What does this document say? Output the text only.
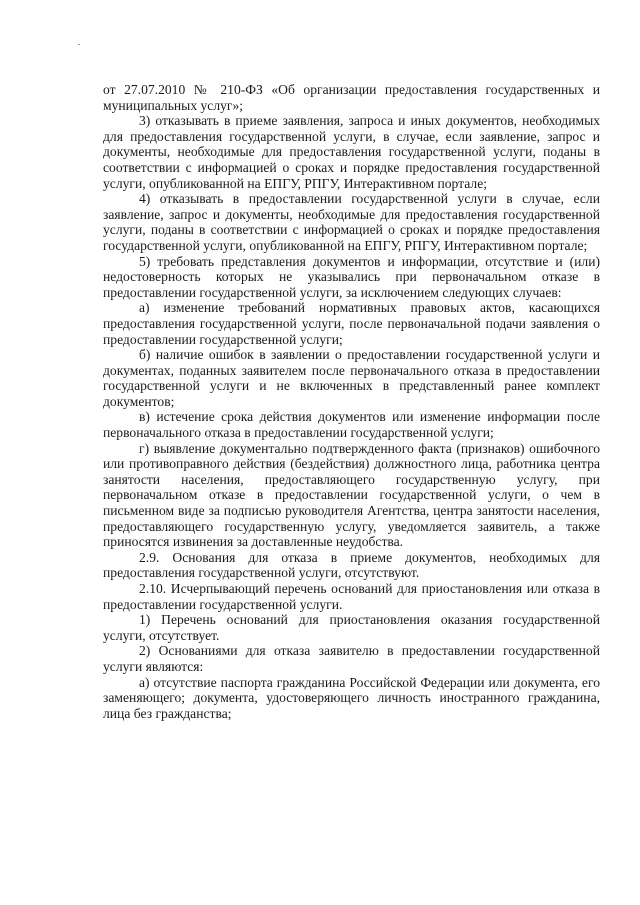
от 27.07.2010 № 210-ФЗ «Об организации предоставления государственных и муниципальных услуг»;

3) отказывать в приеме заявления, запроса и иных документов, необходимых для предоставления государственной услуги, в случае, если заявление, запрос и документы, необходимые для предоставления государственной услуги, поданы в соответствии с информацией о сроках и порядке предоставления государственной услуги, опубликованной на ЕПГУ, РПГУ, Интерактивном портале;

4) отказывать в предоставлении государственной услуги в случае, если заявление, запрос и документы, необходимые для предоставления государственной услуги, поданы в соответствии с информацией о сроках и порядке предоставления государственной услуги, опубликованной на ЕПГУ, РПГУ, Интерактивном портале;

5) требовать представления документов и информации, отсутствие и (или) недостоверность которых не указывались при первоначальном отказе в предоставлении государственной услуги, за исключением следующих случаев:

а) изменение требований нормативных правовых актов, касающихся предоставления государственной услуги, после первоначальной подачи заявления о предоставлении государственной услуги;

б) наличие ошибок в заявлении о предоставлении государственной услуги и документах, поданных заявителем после первоначального отказа в предоставлении государственной услуги и не включенных в представленный ранее комплект документов;

в) истечение срока действия документов или изменение информации после первоначального отказа в предоставлении государственной услуги;

г) выявление документально подтвержденного факта (признаков) ошибочного или противоправного действия (бездействия) должностного лица, работника центра занятости населения, предоставляющего государственную услугу, при первоначальном отказе в предоставлении государственной услуги, о чем в письменном виде за подписью руководителя Агентства, центра занятости населения, предоставляющего государственную услугу, уведомляется заявитель, а также приносятся извинения за доставленные неудобства.

2.9. Основания для отказа в приеме документов, необходимых для предоставления государственной услуги, отсутствуют.

2.10. Исчерпывающий перечень оснований для приостановления или отказа в предоставлении государственной услуги.

1) Перечень оснований для приостановления оказания государственной услуги, отсутствует.

2) Основаниями для отказа заявителю в предоставлении государственной услуги являются:

а) отсутствие паспорта гражданина Российской Федерации или документа, его заменяющего; документа, удостоверяющего личность иностранного гражданина, лица без гражданства;
